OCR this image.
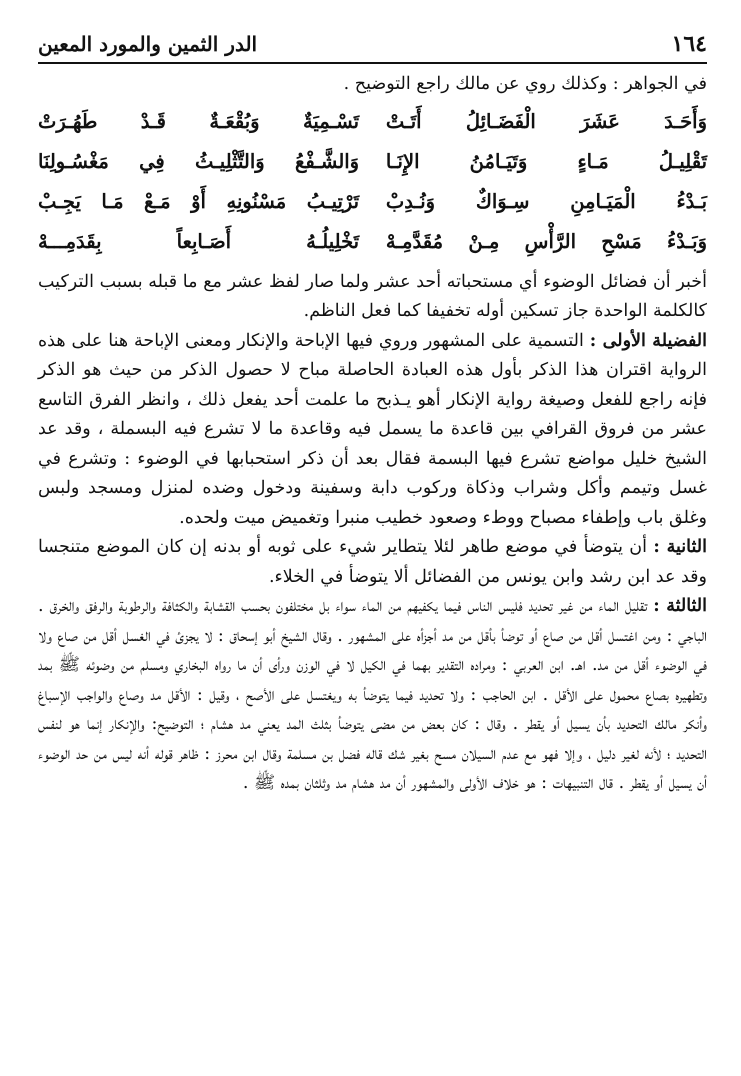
١٦٤
الدر الثمين والمورد المعين

في الجواهر : وكذلك روي عن مالك راجع التوضيح .

وَأَحَـدَ عَشَرَ الْفَضَـائِلُ أَتَـتْ
تَسْـمِيَةٌ وَبُقْعَـةٌ قَـدْ طَهُـرَتْ
تَقْلِيـلُ مَـاءٍ وَتَيَـامُنُ الإِنَـا
وَالشَّـفْعُ وَالتَّثْلِيـثُ فِي مَغْسُـولِنَا
بَـدْءُ الْمَيَـامِنِ سِـوَاكٌ وَنُـدِبْ
تَرْتِيـبُ مَسْنُونِهِ أَوْ مَـعْ مَـا يَجِـبْ
وَبَـدْءُ مَسْحِ الرَّأْسِ مِـنْ مُقَدَّمِـهْ
تَخْلِيلُـهُ أَصَـابِعاً بِقَدَمِـــهْ

أخبر أن فضائل الوضوء أي مستحباته أحد عشر ولما صار لفظ عشر مع ما قبله بسبب التركيب كالكلمة الواحدة جاز تسكين أوله تخفيفا كما فعل الناظم.

الفضيلة الأولى : التسمية على المشهور وروي فيها الإباحة والإنكار ومعنى الإباحة هنا على هذه الرواية اقتران هذا الذكر بأول هذه العبادة الحاصلة مباح لا حصول الذكر من حيث هو الذكر فإنه راجع للفعل وصيغة رواية الإنكار أهو يـذبح ما علمت أحد يفعل ذلك ، وانظر الفرق التاسع عشر من فروق القرافي بين قاعدة ما يسمل فيه وقاعدة ما لا تشرع فيه البسملة ، وقد عد الشيخ خليل مواضع تشرع فيها البسمة فقال بعد أن ذكر استحبابها في الوضوء : وتشرع في غسل وتيمم وأكل وشراب وذكاة وركوب دابة وسفينة ودخول وضده لمنزل ومسجد ولبس وغلق باب وإطفاء مصباح ووطء وصعود خطيب منبرا وتغميض ميت ولحده.

الثانية : أن يتوضأ في موضع طاهر لئلا يتطاير شيء على ثوبه أو بدنه إن كان الموضع متنجسا وقد عد ابن رشد وابن يونس من الفضائل ألا يتوضأ في الخلاء.

الثالثة : تقليل الماء من غير تحديد فليس الناس فيما يكفيهم من الماء سواء بل مختلفون بحسب القشابة والكثافة والرطوبة والرفق والخرق . الباجي : ومن اغتسل أقل من صاع أو توضأ بأقل من مد أجزأه على المشهور . وقال الشيخ أبو إسحاق : لا يجزئ في الغسل أقل من صاع ولا في الوضوء أقل من مد. اهـ. ابن العربي : ومراده التقدير بهما في الكيل لا في الوزن ورأى أن ما رواه البخاري ومسلم من وضوئه ﷺ بمد وتطهيره بصاع محمول على الأقل . ابن الحاجب : ولا تحديد فيما يتوضأ به ويغتسل على الأصح ، وقيل : الأقل مد وصاع والواجب الإسباغ وأنكر مالك التحديد بأن يسيل أو يقطر . وقال : كان بعض من مضى يتوضأ بثلث المد يعني مد هشام ؛ التوضيح: والإنكار إنما هو لنفس التحديد ؛ لأنه لغير دليل ، وإلا فهو مع عدم السيلان مسح بغير شك قاله فضل بن مسلمة وقال ابن محرز : ظاهر قوله أنه ليس من حد الوضوء أن يسيل أو يقطر . قال التنبيهات : هو خلاف الأولى والمشهور أن مد هشام مد وثلثان بمده ﷺ .
